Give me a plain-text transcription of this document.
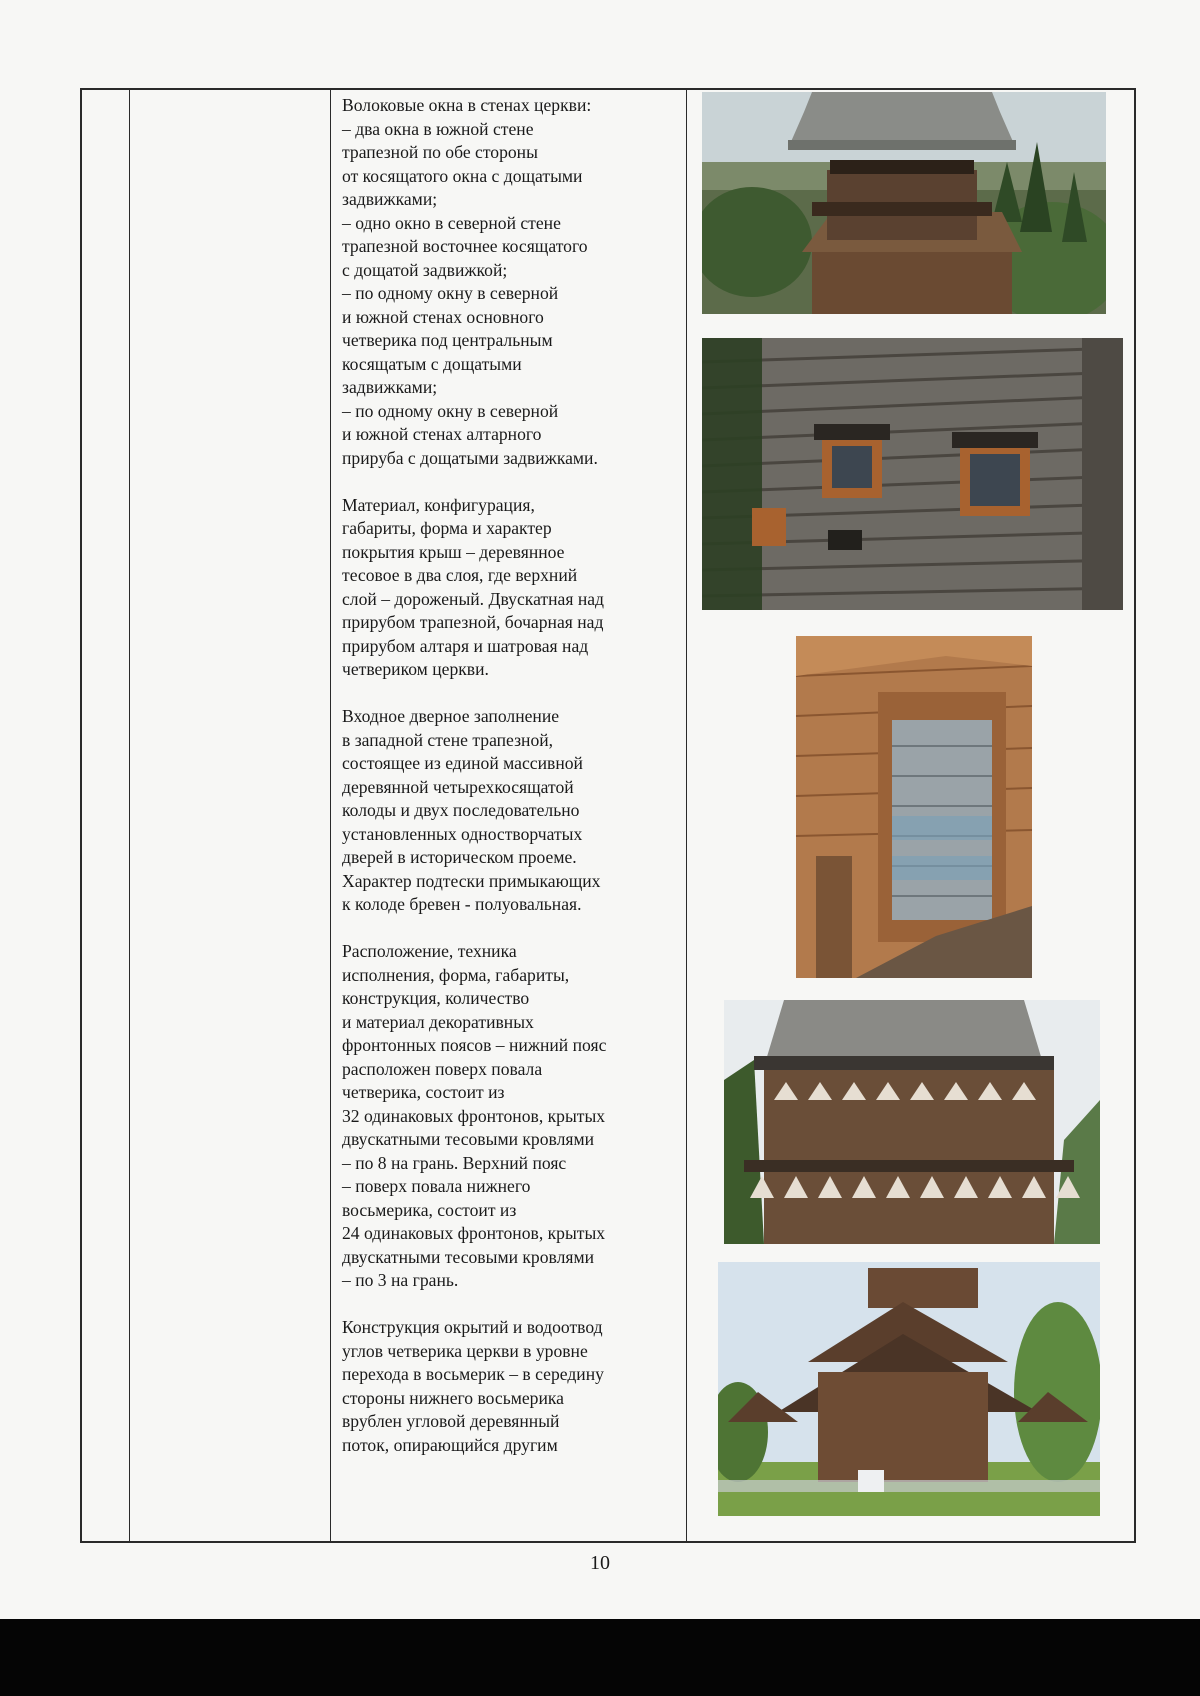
Волоковые окна в стенах церкви:
– два окна в южной стене
трапезной по обе стороны
от косящатого окна с дощатыми
задвижками;
– одно окно в северной стене
трапезной восточнее косящатого
с дощатой задвижкой;
– по одному окну в северной
и южной стенах основного
четверика под центральным
косящатым с дощатыми
задвижками;
– по одному окну в северной
и южной стенах алтарного
прируба с дощатыми задвижками.

Материал, конфигурация,
габариты, форма и характер
покрытия крыш – деревянное
тесовое в два слоя, где верхний
слой – дороженый. Двускатная над
прирубом трапезной, бочарная над
прирубом алтаря и шатровая над
четвериком церкви.

Входное дверное заполнение
в западной стене трапезной,
состоящее из единой массивной
деревянной четырехкосящатой
колоды и двух последовательно
установленных одностворчатых
дверей в историческом проеме.
Характер подтески примыкающих
к колоде бревен - полуовальная.

Расположение, техника
исполнения, форма, габариты,
конструкция, количество
и материал декоративных
фронтонных поясов – нижний пояс
расположен поверх повала
четверика, состоит из
32 одинаковых фронтонов, крытых
двускатными тесовыми кровлями
– по 8 на грань. Верхний пояс
– поверх повала нижнего
восьмерика, состоит из
24 одинаковых фронтонов, крытых
двускатными тесовыми кровлями
– по 3 на грань.

Конструкция окрытий и водоотвод
углов четверика церкви в уровне
перехода в восьмерик – в середину
стороны нижнего восьмерика
врублен угловой деревянный
поток, опирающийся другим

10
